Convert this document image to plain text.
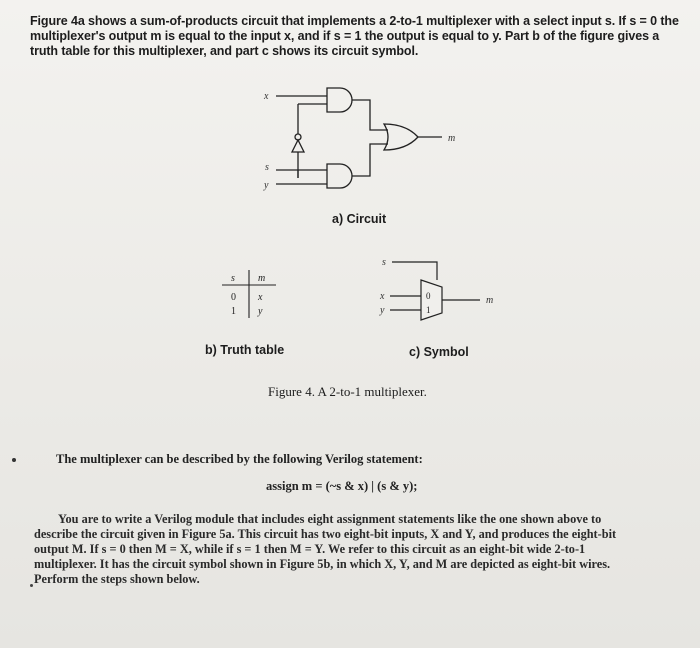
Figure 4a shows a sum-of-products circuit that implements a 2-to-1 multiplexer with a select input s. If s = 0 the
multiplexer's output m is equal to the input x, and if s = 1 the output is equal to y. Part b of the figure gives a
truth table for this multiplexer, and part c shows its circuit symbol.
x
s
y
m
s m
0 x
1 y
s
x
y
0
1
m
a) Circuit
b) Truth table	c) Symbol
Figure 4. A 2-to-1 multiplexer.
The multiplexer can be described by the following Verilog statement:
assign m = (~s & x) | (s & y);
You are to write a Verilog module that includes eight assignment statements like the one shown above to
describe the circuit given in Figure 5a. This circuit has two eight-bit inputs, X and Y, and produces the eight-bit
output M. If s = 0 then M = X, while if s = 1 then M = Y. We refer to this circuit as an eight-bit wide 2-to-1
multiplexer. It has the circuit symbol shown in Figure 5b, in which X, Y, and M are depicted as eight-bit wires.
Perform the steps shown below.
